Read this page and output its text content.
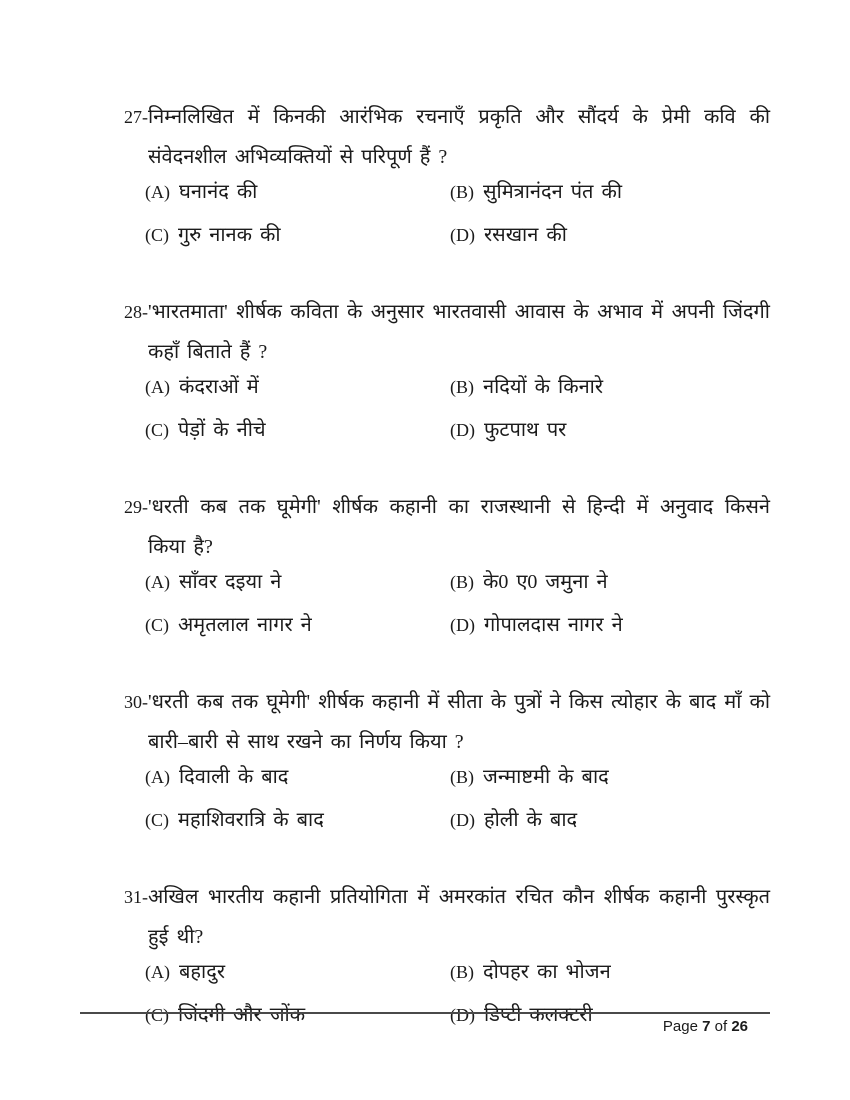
27- निम्नलिखित में किनकी आरंभिक रचनाएँ प्रकृति और सौंदर्य के प्रेमी कवि की संवेदनशील अभिव्यक्तियों से परिपूर्ण हैं ?
(A) घनानंद की	(B) सुमित्रानंदन पंत की
(C) गुरु नानक की	(D) रसखान की
28- 'भारतमाता' शीर्षक कविता के अनुसार भारतवासी आवास के अभाव में अपनी जिंदगी कहाँ बिताते हैं ?
(A) कंदराओं में	(B) नदियों के किनारे
(C) पेड़ों के नीचे	(D) फुटपाथ पर
29- 'धरती कब तक घूमेगी' शीर्षक कहानी का राजस्थानी से हिन्दी में अनुवाद किसने किया है?
(A) साँवर दइया ने	(B) के0 ए0 जमुना ने
(C) अमृतलाल नागर ने	(D) गोपालदास नागर ने
30- 'धरती कब तक घूमेगी' शीर्षक कहानी में सीता के पुत्रों ने किस त्योहार के बाद माँ को बारी–बारी से साथ रखने का निर्णय किया ?
(A) दिवाली के बाद	(B) जन्माष्टमी के बाद
(C) महाशिवरात्रि के बाद	(D) होली के बाद
31- अखिल भारतीय कहानी प्रतियोगिता में अमरकांत रचित कौन शीर्षक कहानी पुरस्कृत हुई थी?
(A) बहादुर	(B) दोपहर का भोजन
(C) जिंदगी और जोंक	(D) डिप्टी कलक्टरी
Page 7 of 26
